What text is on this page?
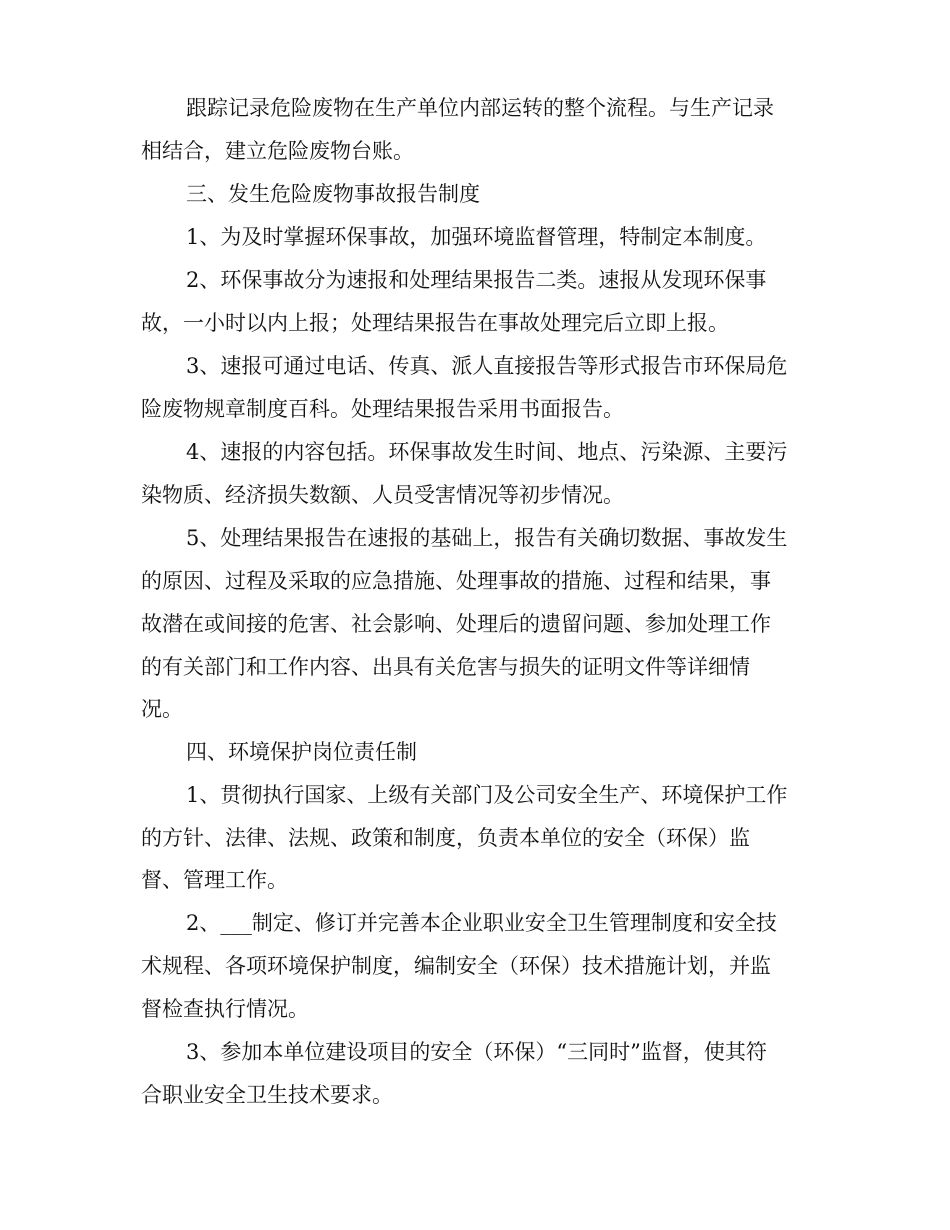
跟踪记录危险废物在生产单位内部运转的整个流程。与生产记录
相结合，建立危险废物台账。
三、发生危险废物事故报告制度
1、为及时掌握环保事故，加强环境监督管理，特制定本制度。
2、环保事故分为速报和处理结果报告二类。速报从发现环保事
故，一小时以内上报；处理结果报告在事故处理完后立即上报。
3、速报可通过电话、传真、派人直接报告等形式报告市环保局危
险废物规章制度百科。处理结果报告采用书面报告。
4、速报的内容包括。环保事故发生时间、地点、污染源、主要污
染物质、经济损失数额、人员受害情况等初步情况。
5、处理结果报告在速报的基础上，报告有关确切数据、事故发生
的原因、过程及采取的应急措施、处理事故的措施、过程和结果，事
故潜在或间接的危害、社会影响、处理后的遗留问题、参加处理工作
的有关部门和工作内容、出具有关危害与损失的证明文件等详细情
况。
四、环境保护岗位责任制
1、贯彻执行国家、上级有关部门及公司安全生产、环境保护工作
的方针、法律、法规、政策和制度，负责本单位的安全（环保）监
督、管理工作。
2、___制定、修订并完善本企业职业安全卫生管理制度和安全技
术规程、各项环境保护制度，编制安全（环保）技术措施计划，并监
督检查执行情况。
3、参加本单位建设项目的安全（环保）“三同时”监督，使其符
合职业安全卫生技术要求。
